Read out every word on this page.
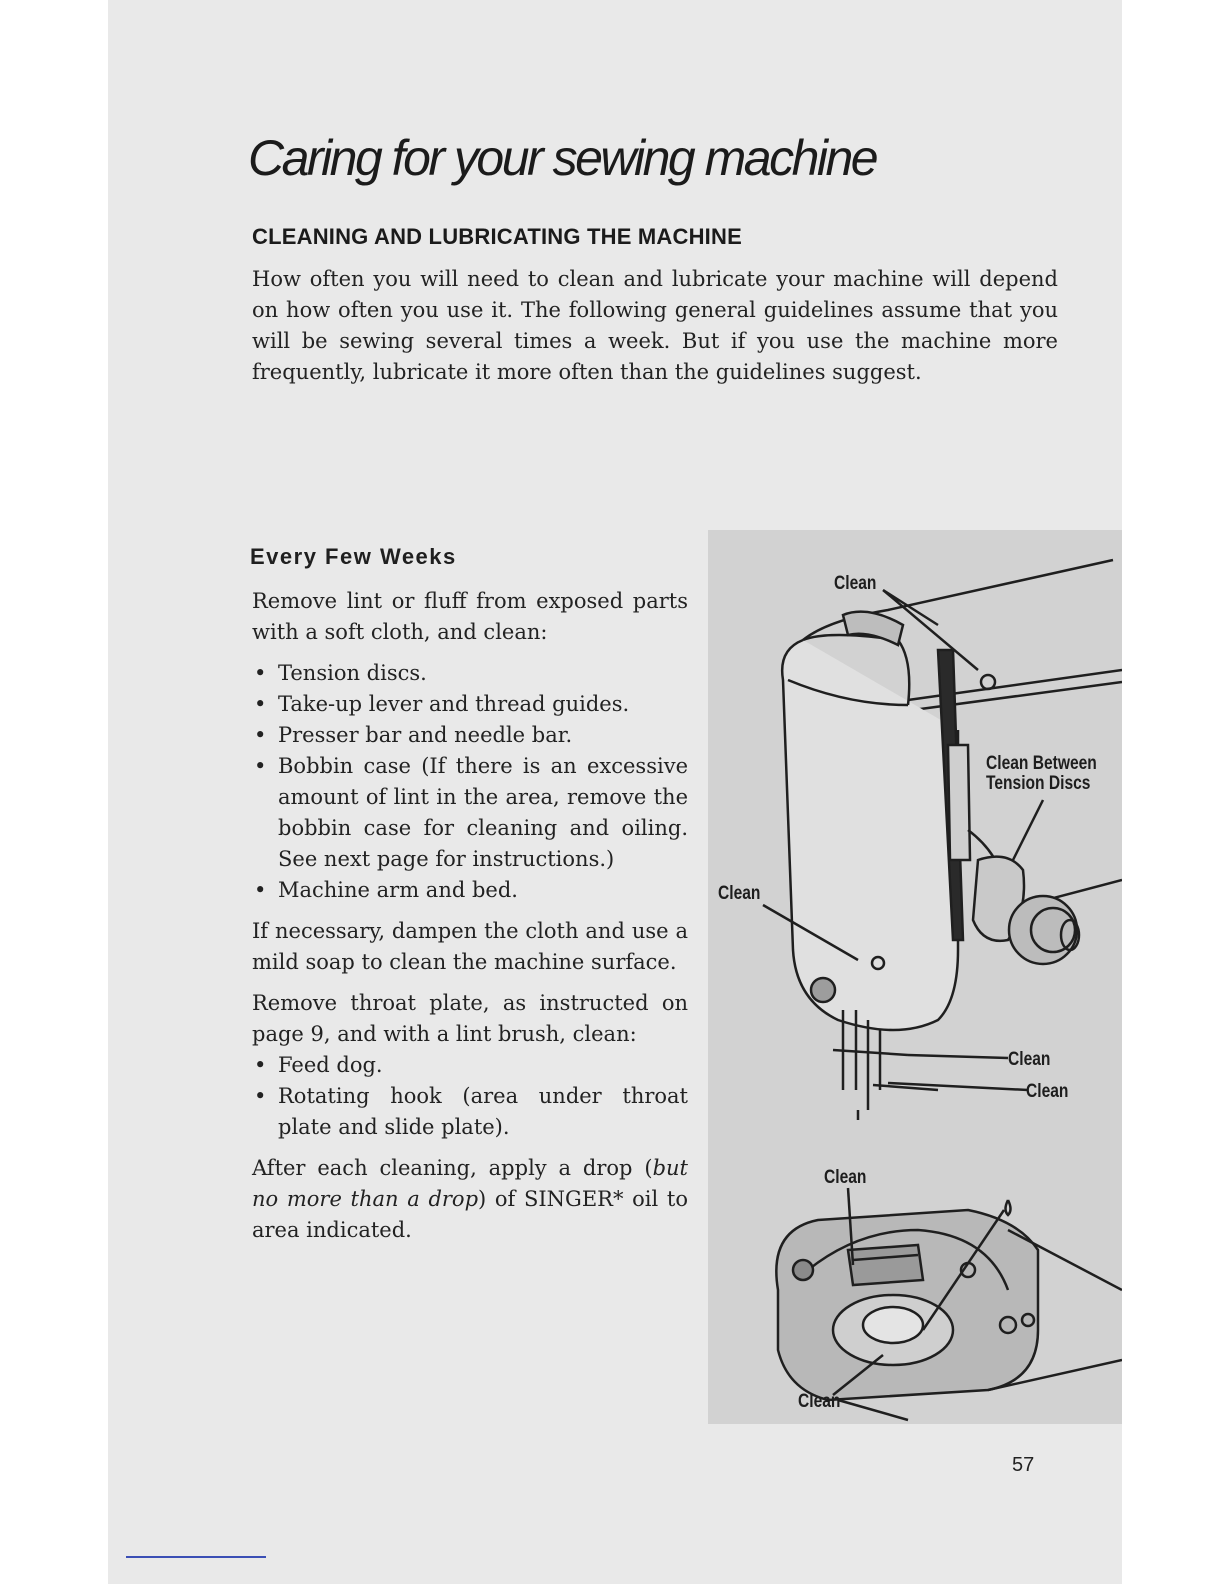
Caring for your sewing machine
CLEANING AND LUBRICATING THE MACHINE

How often you will need to clean and lubricate your machine will depend on how often you use it. The following general guidelines assume that you will be sewing several times a week. But if you use the machine more frequently, lubricate it more often than the guidelines suggest.

Every Few Weeks

Remove lint or fluff from exposed parts with a soft cloth, and clean:

• Tension discs.
• Take-up lever and thread guides.
• Presser bar and needle bar.
• Bobbin case (If there is an excessive amount of lint in the area, remove the bobbin case for cleaning and oiling. See next page for instructions.)
• Machine arm and bed.

If necessary, dampen the cloth and use a mild soap to clean the machine surface.

Remove throat plate, as instructed on page 9, and with a lint brush, clean:

• Feed dog.
• Rotating hook (area under throat plate and slide plate).

After each cleaning, apply a drop (but no more than a drop) of SINGER* oil to area indicated.

Clean
Clean Between
Tension Discs
Clean
Clean
Clean
Clean
Clean
57
